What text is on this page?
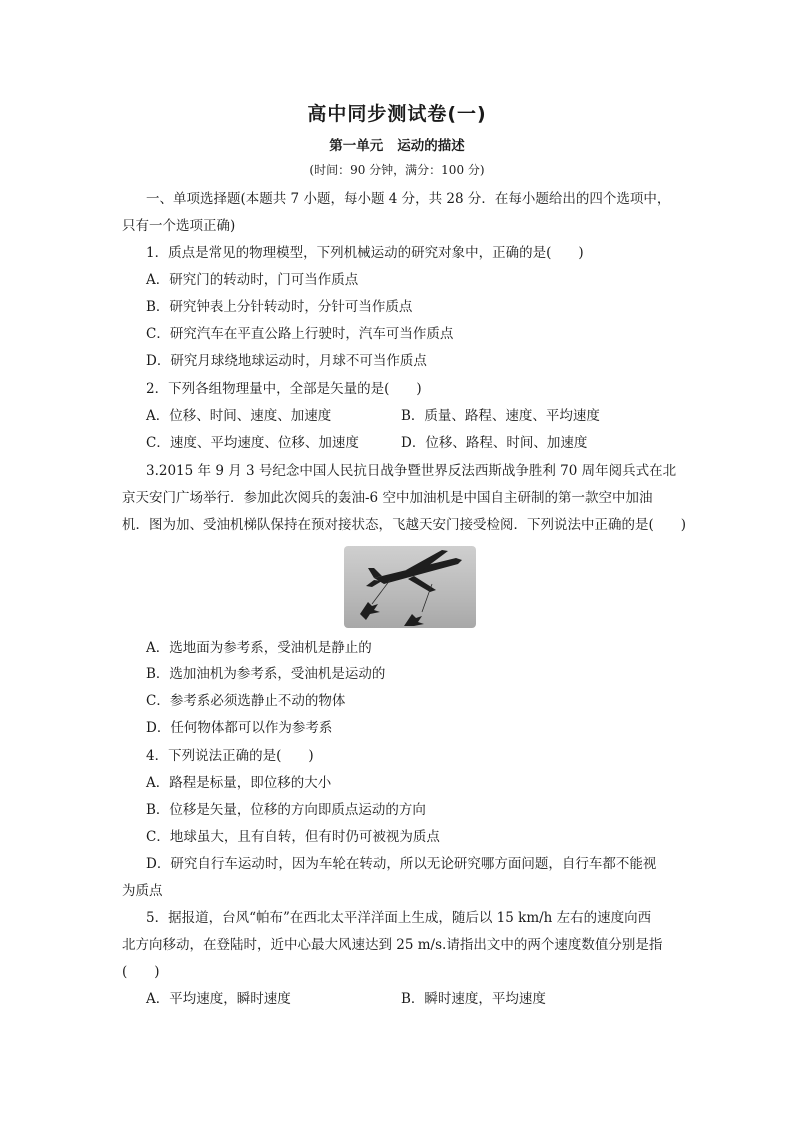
高中同步测试卷(一)
第一单元 运动的描述
(时间：90 分钟，满分：100 分)
一、单项选择题(本题共 7 小题，每小题 4 分，共 28 分．在每小题给出的四个选项中，
只有一个选项正确)
1．质点是常见的物理模型，下列机械运动的研究对象中，正确的是(　　)
A．研究门的转动时，门可当作质点
B．研究钟表上分针转动时，分针可当作质点
C．研究汽车在平直公路上行驶时，汽车可当作质点
D．研究月球绕地球运动时，月球不可当作质点
2．下列各组物理量中，全部是矢量的是(　　)
A．位移、时间、速度、加速度	B．质量、路程、速度、平均速度
C．速度、平均速度、位移、加速度	D．位移、路程、时间、加速度
3.2015 年 9 月 3 号纪念中国人民抗日战争暨世界反法西斯战争胜利 70 周年阅兵式在北
京天安门广场举行．参加此次阅兵的轰油-6 空中加油机是中国自主研制的第一款空中加油
机．图为加、受油机梯队保持在预对接状态，飞越天安门接受检阅．下列说法中正确的是(　　)
A．选地面为参考系，受油机是静止的
B．选加油机为参考系，受油机是运动的
C．参考系必须选静止不动的物体
D．任何物体都可以作为参考系
4．下列说法正确的是(　　)
A．路程是标量，即位移的大小
B．位移是矢量，位移的方向即质点运动的方向
C．地球虽大，且有自转，但有时仍可被视为质点
D．研究自行车运动时，因为车轮在转动，所以无论研究哪方面问题，自行车都不能视
为质点
5．据报道，台风“帕布”在西北太平洋洋面上生成，随后以 15 km/h 左右的速度向西
北方向移动，在登陆时，近中心最大风速达到 25 m/s.请指出文中的两个速度数值分别是指
(　　)
A．平均速度，瞬时速度	B．瞬时速度，平均速度
